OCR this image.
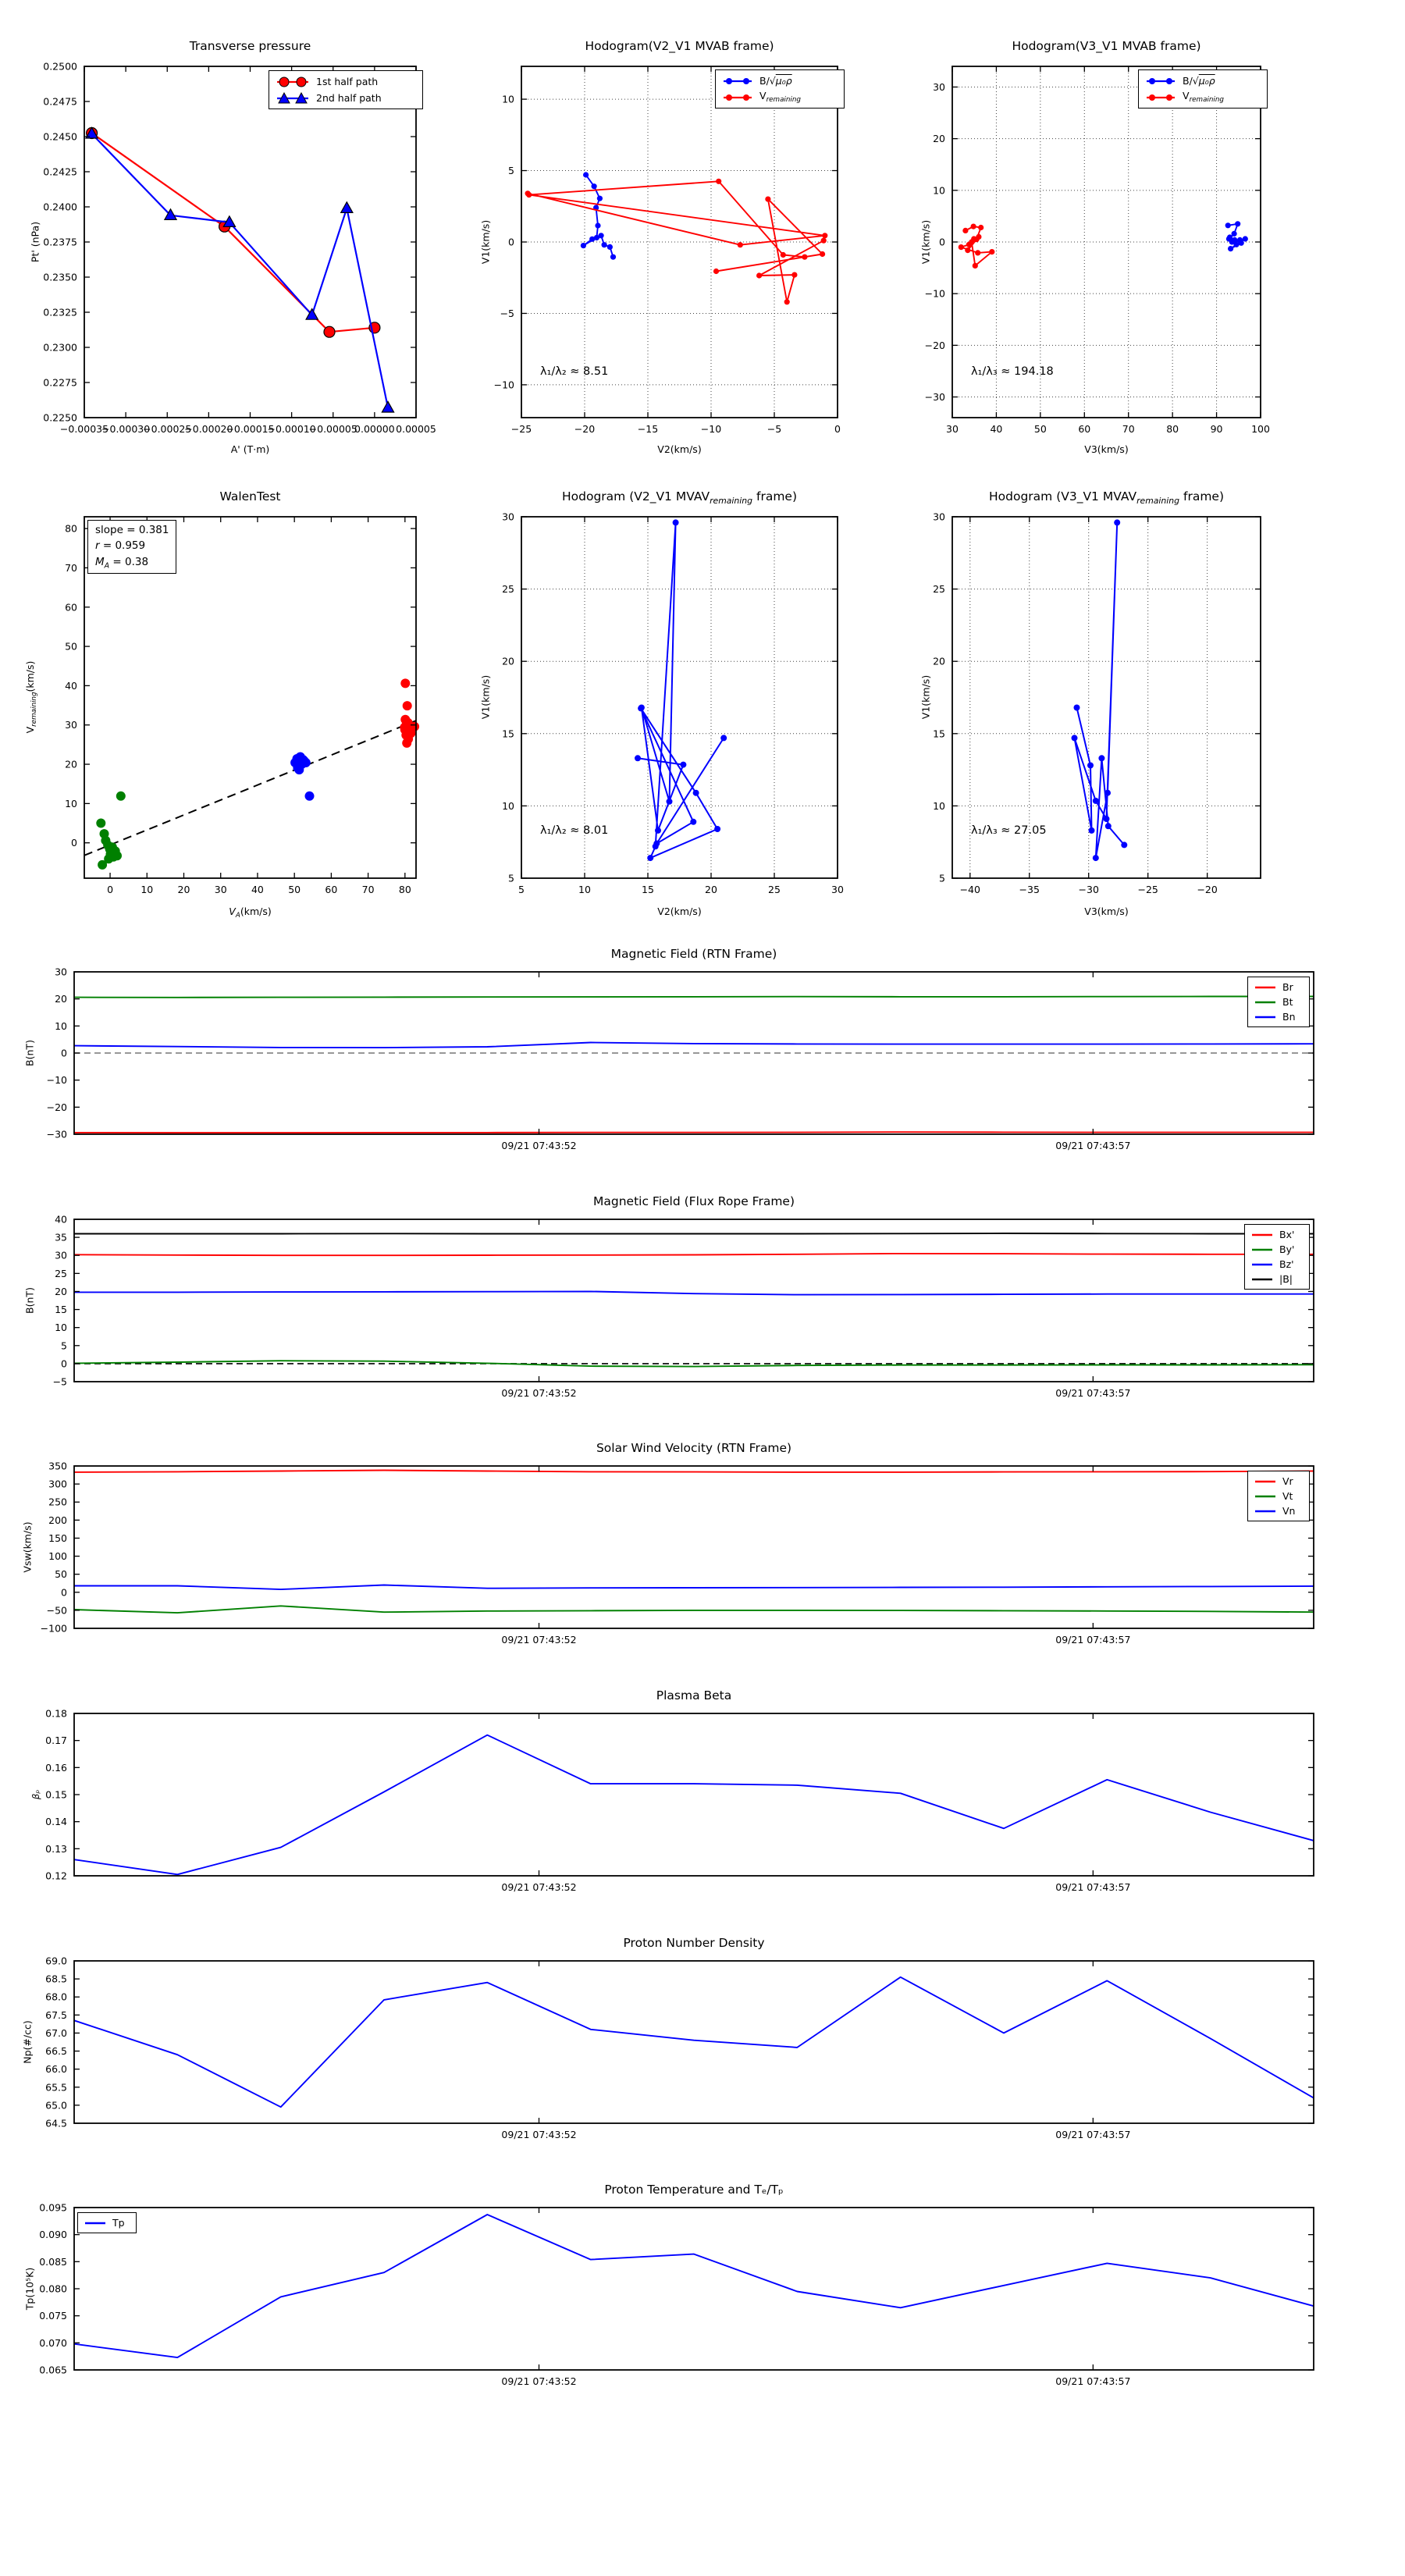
−0.00035
−0.00030
−0.00025
−0.00020
−0.00015
−0.00010
−0.00005
0.00000 0.00005
0.2250
0.2275
0.2300
0.2325
0.2350
0.2375
0.2400
0.2425
0.2450
0.2475
0.2500
−25	−20	−15	−10	−5	0
−10
−5
0
5
10
30	40	50	60	70	80	90	100
−30
−20
−10
0
10
20
30
0	10	20	30	40	50	60	70	80
0
10
20
30
40
50
60
70
80
5	10	15	20	25	30
5
10
15
20
25
30
−40	−35	−30	−25	−20
5
10
15
20
25
30
09/21 07:43:52	09/21 07:43:57
−30
−20
−10
0
10
20
30
09/21 07:43:52	09/21 07:43:57
−5
0
5
10
15
20
25
30
35
40
09/21 07:43:52	09/21 07:43:57
−100
−50
0
50
100
150
200
250
300
350
09/21 07:43:52	09/21 07:43:57
0.12
0.13
0.14
0.15
0.16
0.17
0.18
09/21 07:43:52	09/21 07:43:57
64.5
65.0
65.5
66.0
66.5
67.0
67.5
68.0
68.5
69.0
09/21 07:43:52	09/21 07:43:57
0.065
0.070
0.075
0.080
0.085
0.090
0.095
Transverse pressure	Hodogram(V2_V1 MVAB frame)	Hodogram(V3_V1 MVAB frame)
WalenTest	Hodogram (V2_V1 $MVAV_{remaining}$ frame)	Hodogram (V3_V1 $MVAV_{remaining}$ frame)
Magnetic Field (RTN Frame)
Magnetic Field (Flux Rope Frame)
Solar Wind Velocity (RTN Frame)
Plasma Beta
Proton Number Density
Proton Temperature and Tₑ/Tₚ
A' (T·m)	V2(km/s)	V3(km/s)
$V_A(km/s)$	V2(km/s)	V3(km/s)
Pt' (nPa)	V1(km/s)	V1(km/s)
$V_{remaining}(km/s)$	V1(km/s)	V1(km/s)
B(nT)
B(nT)
Vsw(km/s)
βₚ
Np(#/cc)
Tp(10⁵K)
λ₁/λ₂ ≈ 8.51	λ₁/λ₃ ≈ 194.18
λ₁/λ₂ ≈ 8.01	λ₁/λ₃ ≈ 27.05
slope = 0.381
r = 0.959
$M_A = 0.38$
1st half path
2nd half path
B/√μ₀ρ
$V_{remaining}$
B/√μ₀ρ
$V_{remaining}$
Br
Bt
Bn
Bx'
By'
Bz'
|B|
Vr
Vt
Vn
Tp
